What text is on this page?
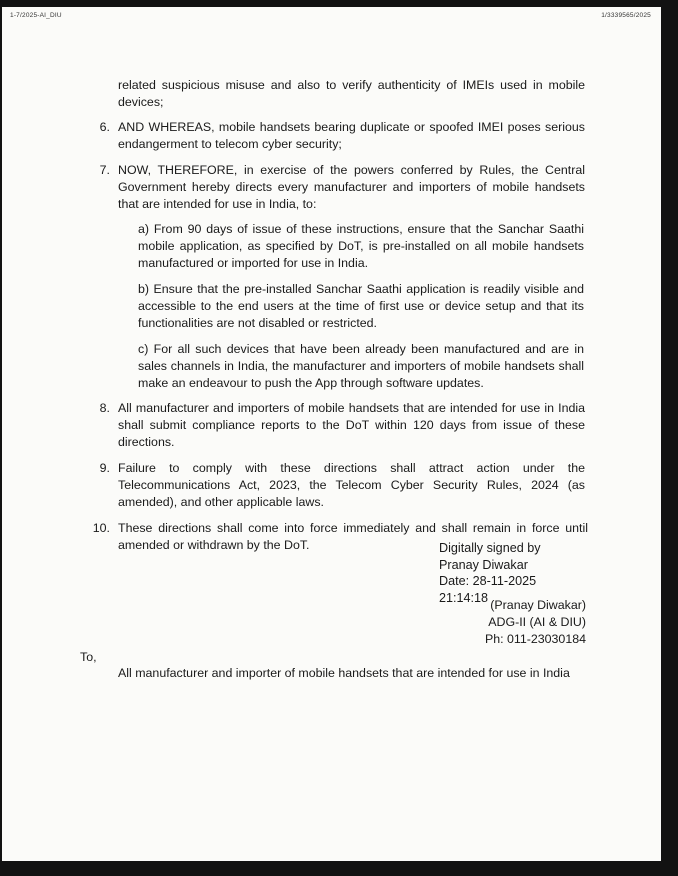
1-7/2025-AI_DIU	1/3339565/2025
related suspicious misuse and also to verify authenticity of IMEIs used in mobile devices;
6. AND WHEREAS, mobile handsets bearing duplicate or spoofed IMEI poses serious endangerment to telecom cyber security;
7. NOW, THEREFORE, in exercise of the powers conferred by Rules, the Central Government hereby directs every manufacturer and importers of mobile handsets that are intended for use in India, to:
a) From 90 days of issue of these instructions, ensure that the Sanchar Saathi mobile application, as specified by DoT, is pre-installed on all mobile handsets manufactured or imported for use in India.
b) Ensure that the pre-installed Sanchar Saathi application is readily visible and accessible to the end users at the time of first use or device setup and that its functionalities are not disabled or restricted.
c) For all such devices that have been already been manufactured and are in sales channels in India, the manufacturer and importers of mobile handsets shall make an endeavour to push the App through software updates.
8. All manufacturer and importers of mobile handsets that are intended for use in India shall submit compliance reports to the DoT within 120 days from issue of these directions.
9. Failure to comply with these directions shall attract action under the Telecommunications Act, 2023, the Telecom Cyber Security Rules, 2024 (as amended), and other applicable laws.
10. These directions shall come into force immediately and shall remain in force until amended or withdrawn by the DoT.	Digitally signed by
Pranay Diwakar
Date: 28-11-2025
21:14:18
(Pranay Diwakar)
ADG-II (AI & DIU)
Ph: 011-23030184
To,
All manufacturer and importer of mobile handsets that are intended for use in India
